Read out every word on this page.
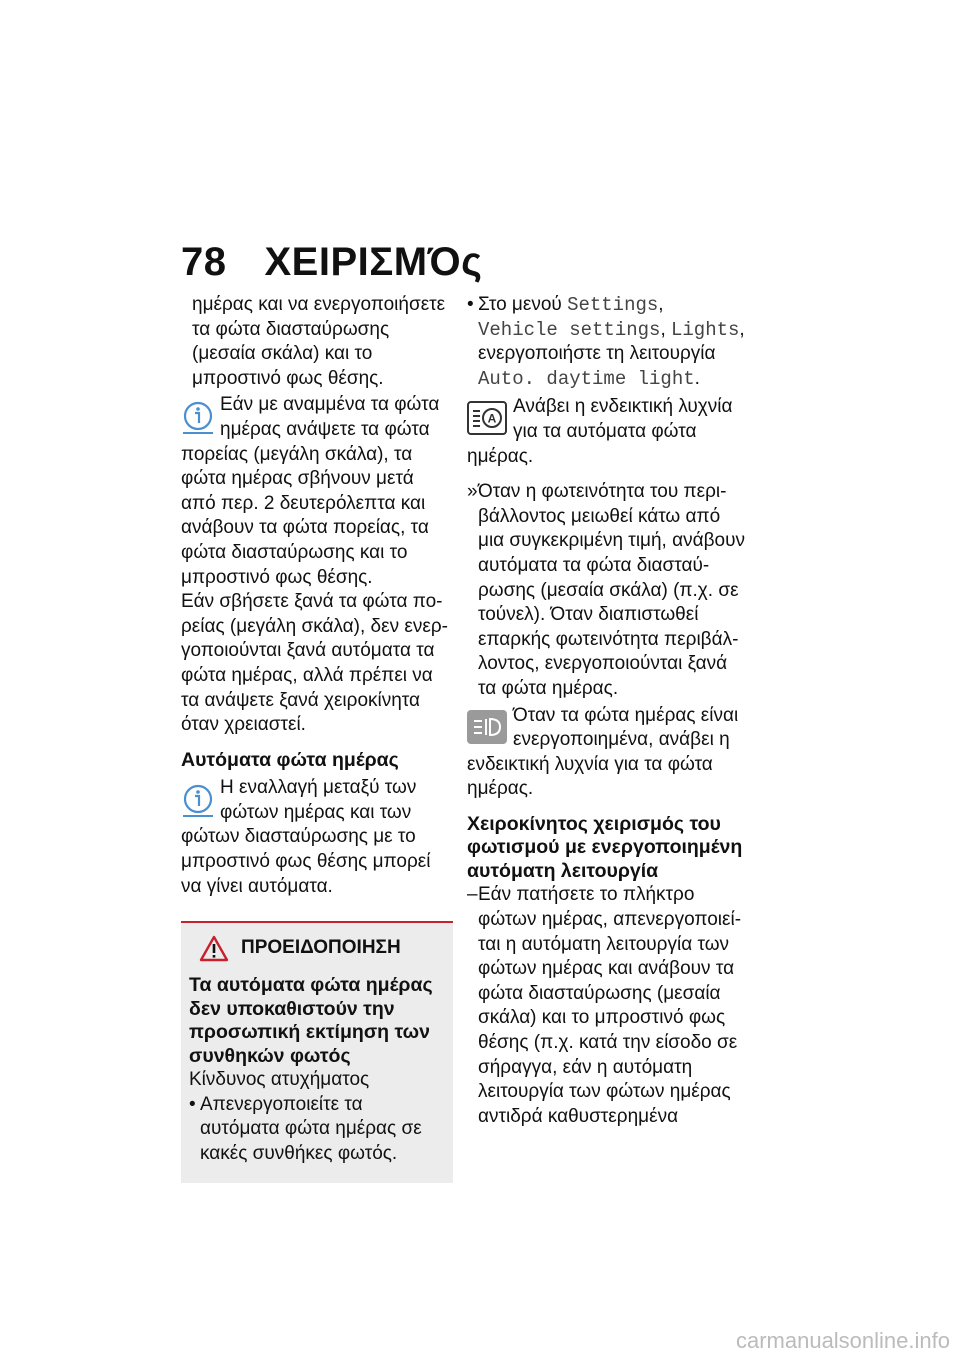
78 ΧΕΙΡΙΣΜΌς

ημέρας και να ενεργοποιήσετε τα φώτα διασταύρωσης (μεσαία σκάλα) και το μπροστινό φως θέσης.

Εάν με αναμμένα τα φώτα ημέρας ανάψετε τα φώτα πορείας (μεγάλη σκάλα), τα φώτα ημέρας σβήνουν μετά από περ. 2 δευτερόλεπτα και ανάβουν τα φώτα πορείας, τα φώτα διασταύρωσης και το μπροστινό φως θέσης.

Εάν σβήσετε ξανά τα φώτα πορείας (μεγάλη σκάλα), δεν ενεργοποιούνται ξανά αυτόματα τα φώτα ημέρας, αλλά πρέπει να τα ανάψετε ξανά χειροκίνητα όταν χρειαστεί.

Αυτόματα φώτα ημέρας

Η εναλλαγή μεταξύ των φώτων ημέρας και των φώτων διασταύρωσης με το μπροστινό φως θέσης μπορεί να γίνει αυτόματα.

ΠΡΟΕΙΔΟΠΟΙΗΣΗ

Τα αυτόματα φώτα ημέρας δεν υποκαθιστούν την προσωπική εκτίμηση των συνθηκών φωτός

Κίνδυνος ατυχήματος

• Απενεργοποιείτε τα αυτόματα φώτα ημέρας σε κακές συνθήκες φωτός.
• Στο μενού Settings, Vehicle settings, Lights, ενεργοποιήστε τη λειτουργία Auto. daytime light.
A

Ανάβει η ενδεικτική λυχνία για τα αυτόματα φώτα ημέρας.

» Όταν η φωτεινότητα του περιβάλλοντος μειωθεί κάτω από μια συγκεκριμένη τιμή, ανάβουν αυτόματα τα φώτα διασταύρωσης (μεσαία σκάλα) (π.χ. σε τούνελ). Όταν διαπιστωθεί επαρκής φωτεινότητα περιβάλλοντος, ενεργοποιούνται ξανά τα φώτα ημέρας.

Όταν τα φώτα ημέρας είναι ενεργοποιημένα, ανάβει η ενδεικτική λυχνία για τα φώτα ημέρας.

Χειροκίνητος χειρισμός του φωτισμού με ενεργοποιημένη αυτόματη λειτουργία

– Εάν πατήσετε το πλήκτρο φώτων ημέρας, απενεργοποιείται η αυτόματη λειτουργία των φώτων ημέρας και ανάβουν τα φώτα διασταύρωσης (μεσαία σκάλα) και το μπροστινό φως θέσης (π.χ. κατά την είσοδο σε σήραγγα, εάν η αυτόματη λειτουργία των φώτων ημέρας αντιδρά καθυστερημένα
carmanualsonline.info
